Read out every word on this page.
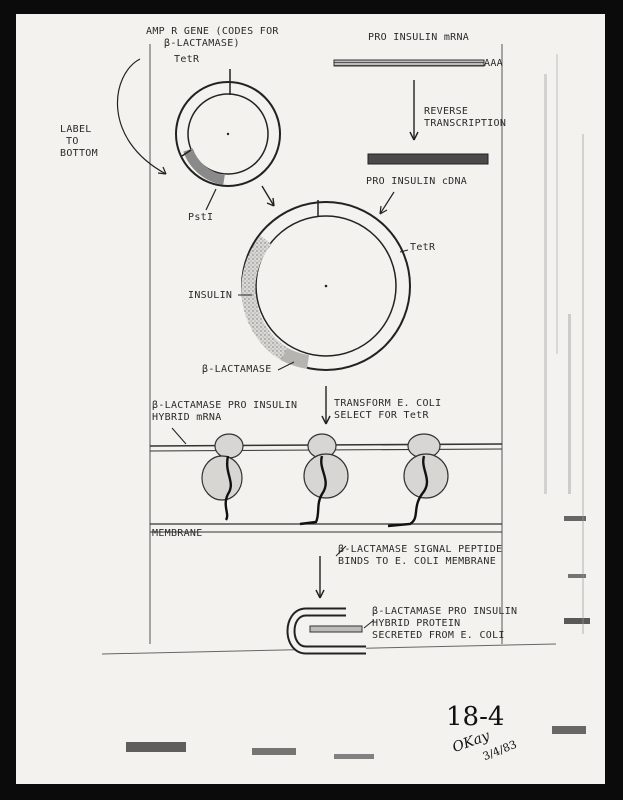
AMP R GENE (CODES FOR
β-LACTAMASE)
TetR
LABEL
TO
BOTTOM
PstI
PRO INSULIN mRNA
AAA
REVERSE
TRANSCRIPTION
PRO INSULIN cDNA
TetR
INSULIN
β-LACTAMASE
β-LACTAMASE PRO INSULIN
HYBRID mRNA
TRANSFORM E. COLI
SELECT FOR TetR
MEMBRANE
β-LACTAMASE SIGNAL PEPTIDE
BINDS TO E. COLI MEMBRANE
β-LACTAMASE PRO INSULIN
HYBRID PROTEIN
SECRETED FROM E. COLI
18-4
OKay
3/4/83
